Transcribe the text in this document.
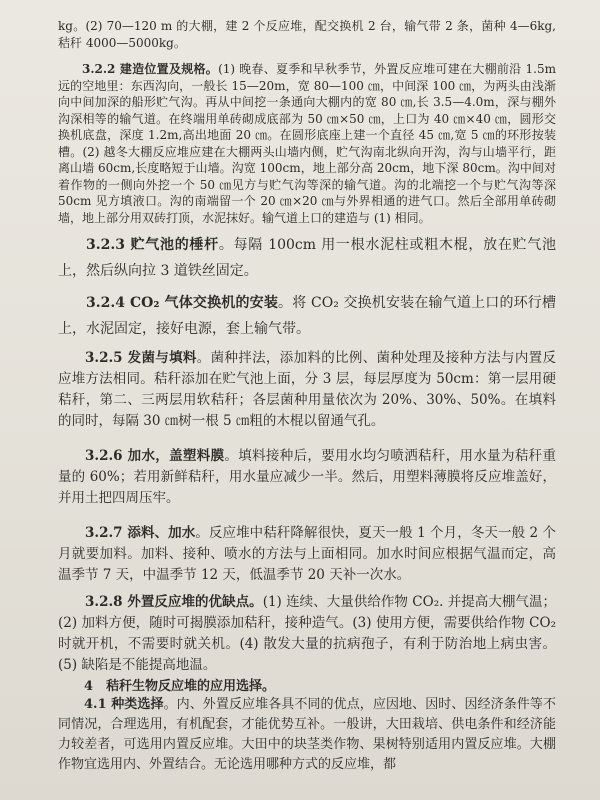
kg。(2) 70—120 m 的大棚，建 2 个反应堆，配交换机 2 台，输气带 2 条，菌种 4—6kg,秸秆 4000—5000kg。

3.2.2 建造位置及规格。(1) 晚春、夏季和早秋季节，外置反应堆可建在大棚前沿 1.5m 远的空地里：东西沟向，一般长 15—20m，宽 80—100 ㎝，中间深 100 ㎝，为两头由浅渐向中间加深的船形贮气沟。再从中间挖一条通向大棚内的宽 80 ㎝,长 3.5—4.0m，深与棚外沟深相等的输气道。在终端用单砖砌成底部为 50 ㎝×50 ㎝，上口为 40 ㎝×40 ㎝，圆形交换机底盘，深度 1.2m,高出地面 20 ㎝。在圆形底座上建一个直径 45 ㎝,宽 5 ㎝的环形按装槽。(2) 越冬大棚反应堆应建在大棚两头山墙内侧，贮气沟南北纵向开沟，沟与山墙平行，距离山墙 60cm,长度略短于山墙。沟宽 100cm，地上部分高 20cm，地下深 80cm。沟中间对着作物的一侧向外挖一个 50 ㎝见方与贮气沟等深的输气道。沟的北端挖一个与贮气沟等深 50cm 见方填液口。沟的南端留一个 20 ㎝×20 ㎝与外界相通的进气口。然后全部用单砖砌墙，地上部分用双砖打顶，水泥抹好。输气道上口的建造与 (1) 相同。

3.2.3 贮气池的棰杆。每隔 100cm 用一根水泥柱或粗木棍，放在贮气池上，然后纵向拉 3 道铁丝固定。

3.2.4 CO₂ 气体交换机的安装。将 CO₂ 交换机安装在输气道上口的环行槽上，水泥固定，接好电源，套上输气带。

3.2.5 发菌与填料。菌种拌法，添加料的比例、菌种处理及接种方法与内置反应堆方法相同。秸秆添加在贮气池上面，分 3 层，每层厚度为 50cm：第一层用硬秸秆，第二、三两层用软秸秆；各层菌种用量依次为 20%、30%、50%。在填料的同时，每隔 30 ㎝树一根 5 ㎝粗的木棍以留通气孔。

3.2.6 加水，盖塑料膜。填料接种后，要用水均匀喷洒秸秆，用水量为秸秆重量的 60%；若用新鲜秸秆，用水量应减少一半。然后，用塑料薄膜将反应堆盖好，并用土把四周压牢。

3.2.7 添料、加水。反应堆中秸秆降解很快，夏天一般 1 个月，冬天一般 2 个月就要加料。加料、接种、喷水的方法与上面相同。加水时间应根据气温而定，高温季节 7 天，中温季节 12 天，低温季节 20 天补一次水。

3.2.8 外置反应堆的优缺点。(1) 连续、大量供给作物 CO₂. 并提高大棚气温；(2) 加料方便，随时可揭膜添加秸秆，接种造气。(3) 使用方便，需要供给作物 CO₂ 时就开机，不需要时就关机。(4) 散发大量的抗病孢子，有利于防治地上病虫害。(5) 缺陷是不能提高地温。

4　秸秆生物反应堆的应用选择。

4.1 种类选择。内、外置反应堆各具不同的优点，应因地、因时、因经济条件等不同情况，合理选用，有机配套，才能优势互补。一般讲，大田栽培、供电条件和经济能力较差者，可选用内置反应堆。大田中的块茎类作物、果树特别适用内置反应堆。大棚作物宜选用内、外置结合。无论选用哪种方式的反应堆，都
